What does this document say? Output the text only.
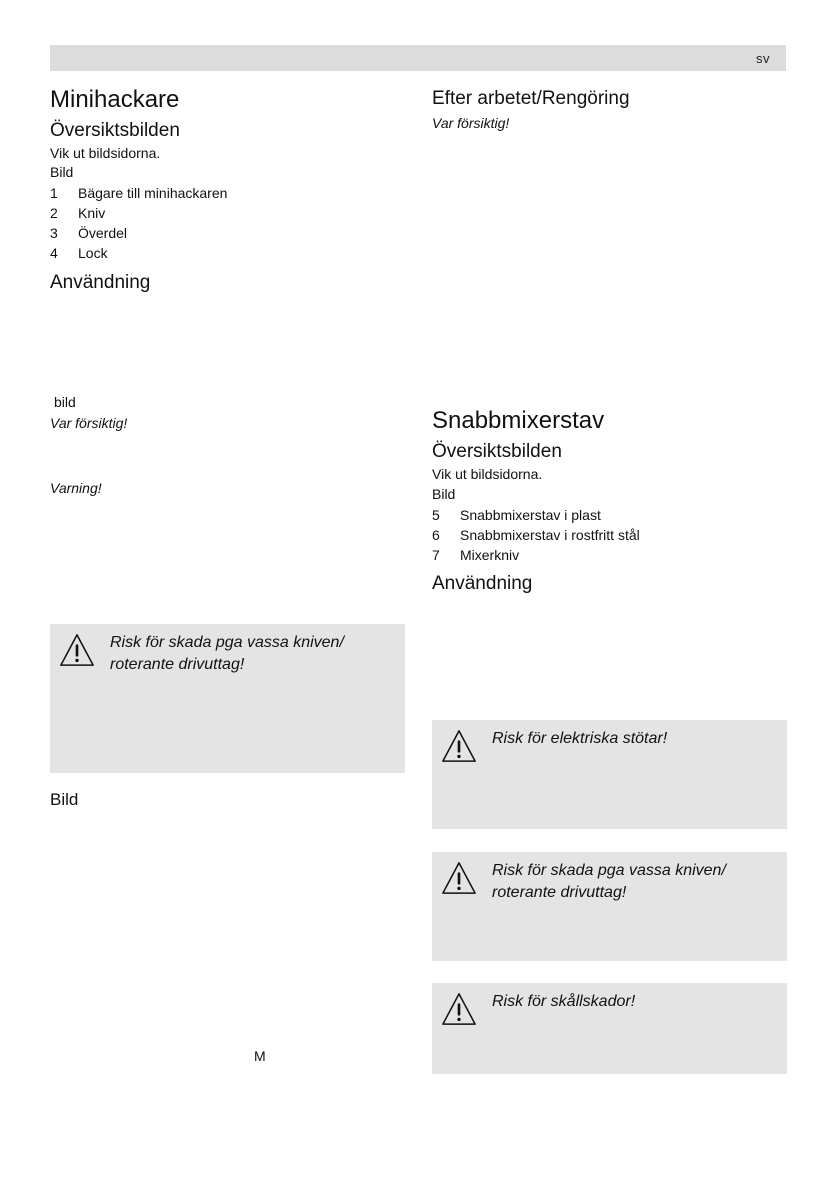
sv
Minihackare
Översiktsbilden
Vik ut bildsidorna.
Bild
1 Bägare till minihackaren
2 Kniv
3 Överdel
4 Lock
Användning
bild
Var försiktig!
Varning!
Risk för skada pga vassa kniven/ roterante drivuttag!
Bild
M
Efter arbetet/Rengöring
Var försiktig!
Snabbmixerstav
Översiktsbilden
Vik ut bildsidorna.
Bild
5 Snabbmixerstav i plast
6 Snabbmixerstav i rostfritt stål
7 Mixerkniv
Användning
Risk för elektriska stötar!
Risk för skada pga vassa kniven/ roterante drivuttag!
Risk för skållskador!
